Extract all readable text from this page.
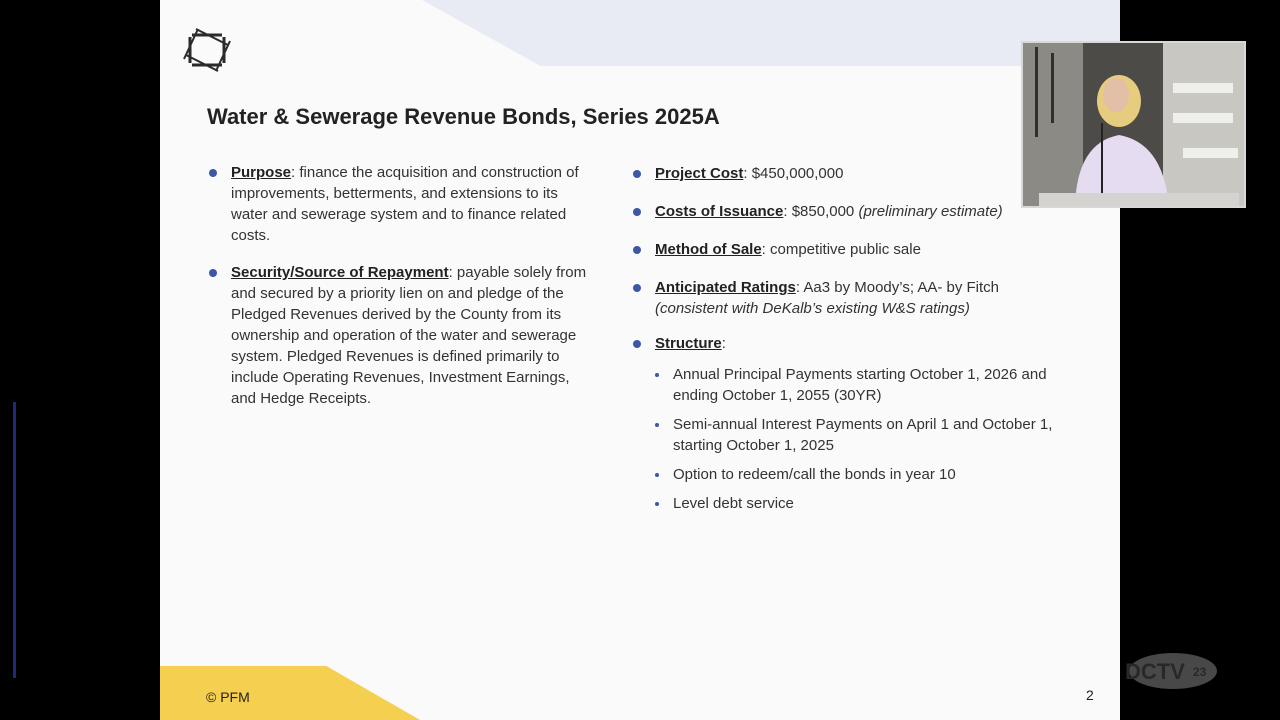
Water & Sewerage Revenue Bonds, Series 2025A
Purpose: finance the acquisition and construction of improvements, betterments, and extensions to its water and sewerage system and to finance related costs.
Security/Source of Repayment: payable solely from and secured by a priority lien on and pledge of the Pledged Revenues derived by the County from its ownership and operation of the water and sewerage system. Pledged Revenues is defined primarily to include Operating Revenues, Investment Earnings, and Hedge Receipts.
Project Cost: $450,000,000
Costs of Issuance: $850,000 (preliminary estimate)
Method of Sale: competitive public sale
Anticipated Ratings: Aa3 by Moody’s; AA- by Fitch
(consistent with DeKalb’s existing W&S ratings)
Structure:
Annual Principal Payments starting October 1, 2026 and ending October 1, 2055 (30YR)
Semi-annual Interest Payments on April 1 and October 1, starting October 1, 2025
Option to redeem/call the bonds in year 10
Level debt service
© PFM	2
DCTV 23
